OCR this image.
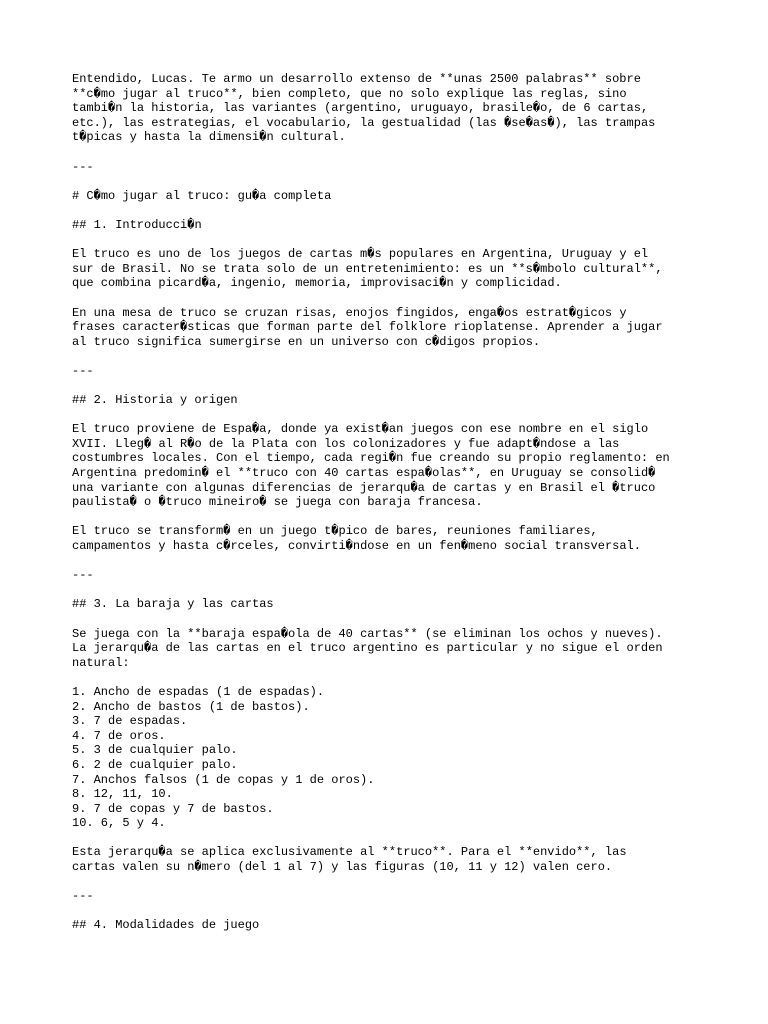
Entendido, Lucas. Te armo un desarrollo extenso de **unas 2500 palabras** sobre
**c�mo jugar al truco**, bien completo, que no solo explique las reglas, sino
tambi�n la historia, las variantes (argentino, uruguayo, brasile�o, de 6 cartas,
etc.), las estrategias, el vocabulario, la gestualidad (las �se�as�), las trampas
t�picas y hasta la dimensi�n cultural.
---
# C�mo jugar al truco: gu�a completa
## 1. Introducci�n
El truco es uno de los juegos de cartas m�s populares en Argentina, Uruguay y el
sur de Brasil. No se trata solo de un entretenimiento: es un **s�mbolo cultural**,
que combina picard�a, ingenio, memoria, improvisaci�n y complicidad.
En una mesa de truco se cruzan risas, enojos fingidos, enga�os estrat�gicos y
frases caracter�sticas que forman parte del folklore rioplatense. Aprender a jugar
al truco significa sumergirse en un universo con c�digos propios.
---
## 2. Historia y origen
El truco proviene de Espa�a, donde ya exist�an juegos con ese nombre en el siglo
XVII. Lleg� al R�o de la Plata con los colonizadores y fue adapt�ndose a las
costumbres locales. Con el tiempo, cada regi�n fue creando su propio reglamento: en
Argentina predomin� el **truco con 40 cartas espa�olas**, en Uruguay se consolid�
una variante con algunas diferencias de jerarqu�a de cartas y en Brasil el �truco
paulista� o �truco mineiro� se juega con baraja francesa.
El truco se transform� en un juego t�pico de bares, reuniones familiares,
campamentos y hasta c�rceles, convirti�ndose en un fen�meno social transversal.
---
## 3. La baraja y las cartas
Se juega con la **baraja espa�ola de 40 cartas** (se eliminan los ochos y nueves).
La jerarqu�a de las cartas en el truco argentino es particular y no sigue el orden
natural:
1. Ancho de espadas (1 de espadas).
2. Ancho de bastos (1 de bastos).
3. 7 de espadas.
4. 7 de oros.
5. 3 de cualquier palo.
6. 2 de cualquier palo.
7. Anchos falsos (1 de copas y 1 de oros).
8. 12, 11, 10.
9. 7 de copas y 7 de bastos.
10. 6, 5 y 4.
Esta jerarqu�a se aplica exclusivamente al **truco**. Para el **envido**, las
cartas valen su n�mero (del 1 al 7) y las figuras (10, 11 y 12) valen cero.
---
## 4. Modalidades de juego
